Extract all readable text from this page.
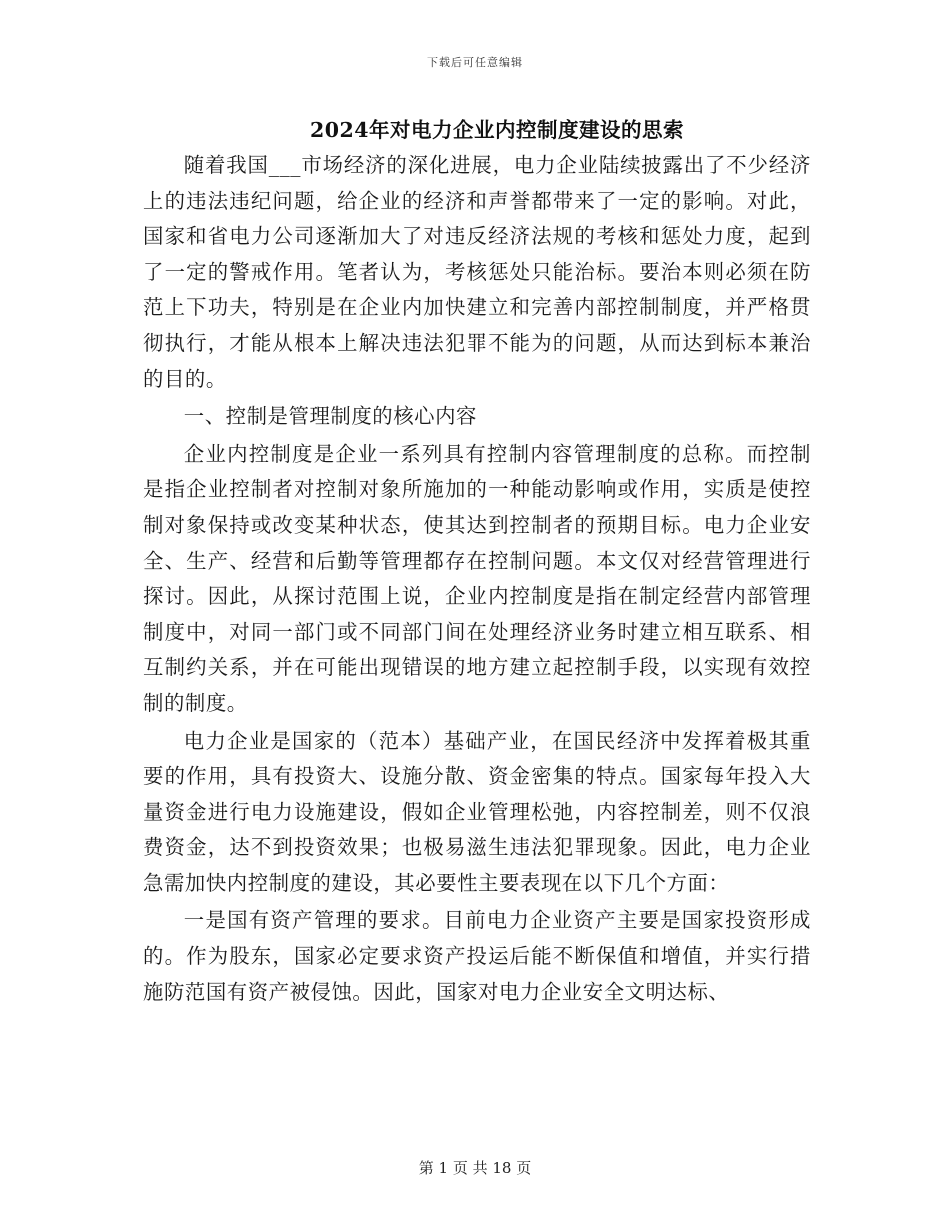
下载后可任意编辑
2024年对电力企业内控制度建设的思索

随着我国___市场经济的深化进展，电力企业陆续披露出了不少经济上的违法违纪问题，给企业的经济和声誉都带来了一定的影响。对此，国家和省电力公司逐渐加大了对违反经济法规的考核和惩处力度，起到了一定的警戒作用。笔者认为，考核惩处只能治标。要治本则必须在防范上下功夫，特别是在企业内加快建立和完善内部控制制度，并严格贯彻执行，才能从根本上解决违法犯罪不能为的问题，从而达到标本兼治的目的。

一、控制是管理制度的核心内容

企业内控制度是企业一系列具有控制内容管理制度的总称。而控制是指企业控制者对控制对象所施加的一种能动影响或作用，实质是使控制对象保持或改变某种状态，使其达到控制者的预期目标。电力企业安全、生产、经营和后勤等管理都存在控制问题。本文仅对经营管理进行探讨。因此，从探讨范围上说，企业内控制度是指在制定经营内部管理制度中，对同一部门或不同部门间在处理经济业务时建立相互联系、相互制约关系，并在可能出现错误的地方建立起控制手段，以实现有效控制的制度。

电力企业是国家的（范本）基础产业，在国民经济中发挥着极其重要的作用，具有投资大、设施分散、资金密集的特点。国家每年投入大量资金进行电力设施建设，假如企业管理松弛，内容控制差，则不仅浪费资金，达不到投资效果；也极易滋生违法犯罪现象。因此，电力企业急需加快内控制度的建设，其必要性主要表现在以下几个方面：

一是国有资产管理的要求。目前电力企业资产主要是国家投资形成的。作为股东，国家必定要求资产投运后能不断保值和增值，并实行措施防范国有资产被侵蚀。因此，国家对电力企业安全文明达标、

第 1 页 共 18 页
